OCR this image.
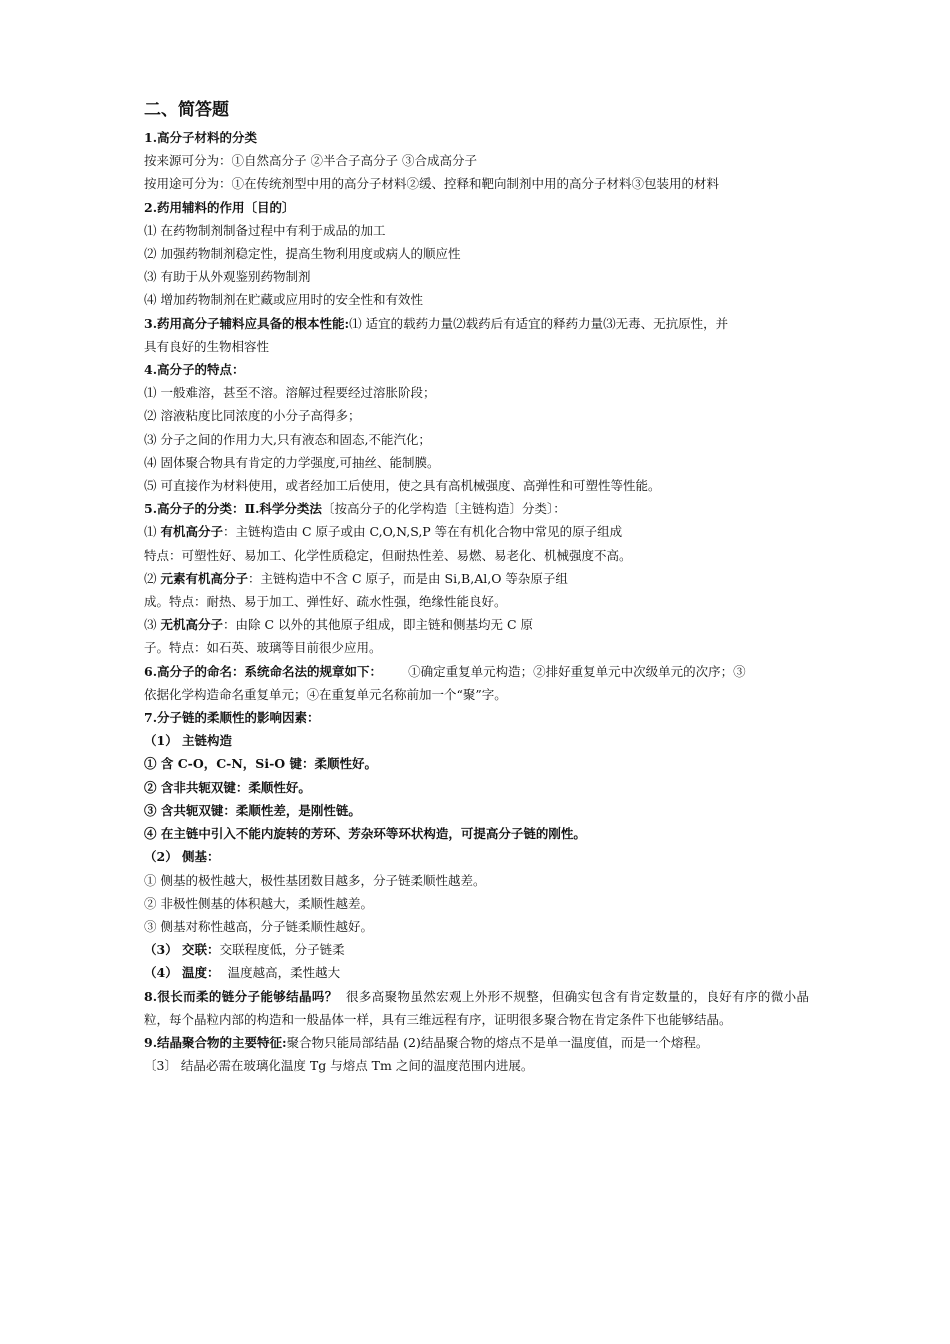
二、简答题
1.高分子材料的分类
按来源可分为：①自然高分子 ②半合子高分子 ③合成高分子
按用途可分为：①在传统剂型中用的高分子材料②缓、控释和靶向制剂中用的高分子材料③包装用的材料
2.药用辅料的作用〔目的〕
⑴ 在药物制剂制备过程中有利于成品的加工
⑵ 加强药物制剂稳定性，提高生物利用度或病人的顺应性
⑶ 有助于从外观鉴别药物制剂
⑷ 增加药物制剂在贮藏或应用时的安全性和有效性
3.药用高分子辅料应具备的根本性能:⑴ 适宜的载药力量⑵载药后有适宜的释药力量⑶无毒、无抗原性，并
具有良好的生物相容性
4.高分子的特点：
⑴ 一般难溶，甚至不溶。溶解过程要经过溶胀阶段；
⑵ 溶液粘度比同浓度的小分子高得多；
⑶ 分子之间的作用力大,只有液态和固态,不能汽化；
⑷ 固体聚合物具有肯定的力学强度,可抽丝、能制膜。
⑸ 可直接作为材料使用，或者经加工后使用，使之具有高机械强度、高弹性和可塑性等性能。
5.高分子的分类：Ⅱ.科学分类法〔按高分子的化学构造〔主链构造〕分类〕：
⑴ 有机高分子：主链构造由 C 原子或由 C,O,N,S,P 等在有机化合物中常见的原子组成
特点：可塑性好、易加工、化学性质稳定，但耐热性差、易燃、易老化、机械强度不高。
⑵ 元素有机高分子：主链构造中不含 C 原子，而是由 Si,B,Al,O 等杂原子组
成。特点：耐热、易于加工、弹性好、疏水性强，绝缘性能良好。
⑶ 无机高分子：由除 C 以外的其他原子组成，即主链和侧基均无 C 原
子。特点：如石英、玻璃等目前很少应用。
6.高分子的命名：系统命名法的规章如下： ①确定重复单元构造；②排好重复单元中次级单元的次序；③
依据化学构造命名重复单元；④在重复单元名称前加一个“聚”字。
7.分子链的柔顺性的影响因素：
（1） 主链构造
① 含 C-O，C-N，Si-O 键：柔顺性好。
② 含非共轭双键：柔顺性好。
③ 含共轭双键：柔顺性差，是刚性链。
④ 在主链中引入不能内旋转的芳环、芳杂环等环状构造，可提高分子链的刚性。
（2） 侧基：
① 侧基的极性越大，极性基团数目越多，分子链柔顺性越差。
② 非极性侧基的体积越大，柔顺性越差。
③ 侧基对称性越高，分子链柔顺性越好。
（3） 交联：交联程度低，分子链柔
（4） 温度： 温度越高，柔性越大
8.很长而柔的链分子能够结晶吗？ 很多高聚物虽然宏观上外形不规整，但确实包含有肯定数量的，良好有序的微小晶粒，每个晶粒内部的构造和一般晶体一样，具有三维远程有序，证明很多聚合物在肯定条件下也能够结晶。
9.结晶聚合物的主要特征:聚合物只能局部结晶 (2)结晶聚合物的熔点不是单一温度值，而是一个熔程。
〔3〕 结晶必需在玻璃化温度 Tg 与熔点 Tm 之间的温度范围内进展。
